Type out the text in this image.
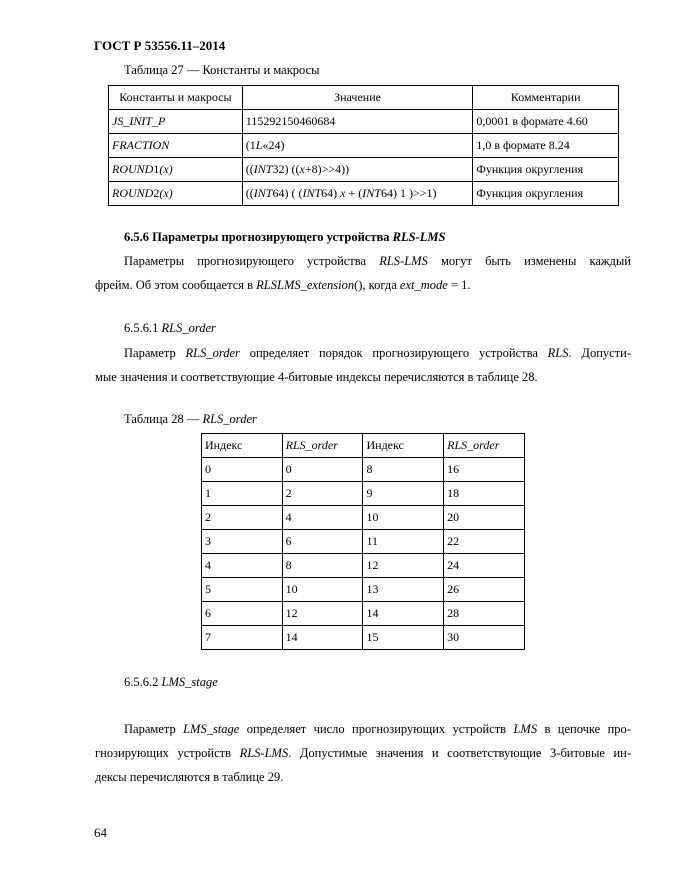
ГОСТ Р 53556.11–2014
Таблица 27 — Константы и макросы
Константы и макросы	Значение	Комментарии
JS_INIT_P	115292150460684	0,0001 в формате 4.60
FRACTION	(1L«24)	1,0 в формате 8.24
ROUND1(x)	((INT32) ((x+8)>>4))	Функция округления
ROUND2(x)	((INT64) ( (INT64) x + (INT64) 1 )>>1)	Функция округления
6.5.6 Параметры прогнозирующего устройства RLS-LMS
Параметры прогнозирующего устройства RLS-LMS могут быть изменены каждый
фрейм. Об этом сообщается в RLSLMS_extension(), когда ext_mode = 1.
6.5.6.1 RLS_order
Параметр RLS_order определяет порядок прогнозирующего устройства RLS. Допусти-
мые значения и соответствующие 4-битовые индексы перечисляются в таблице 28.
Таблица 28 — RLS_order
Индекс	RLS_order	Индекс	RLS_order
0	0	8	16
1	2	9	18
2	4	10	20
3	6	11	22
4	8	12	24
5	10	13	26
6	12	14	28
7	14	15	30
6.5.6.2 LMS_stage
Параметр LMS_stage определяет число прогнозирующих устройств LMS в цепочке про-
гнозирующих устройств RLS-LMS. Допустимые значения и соответствующие 3-битовые ин-
дексы перечисляются в таблице 29.
64
